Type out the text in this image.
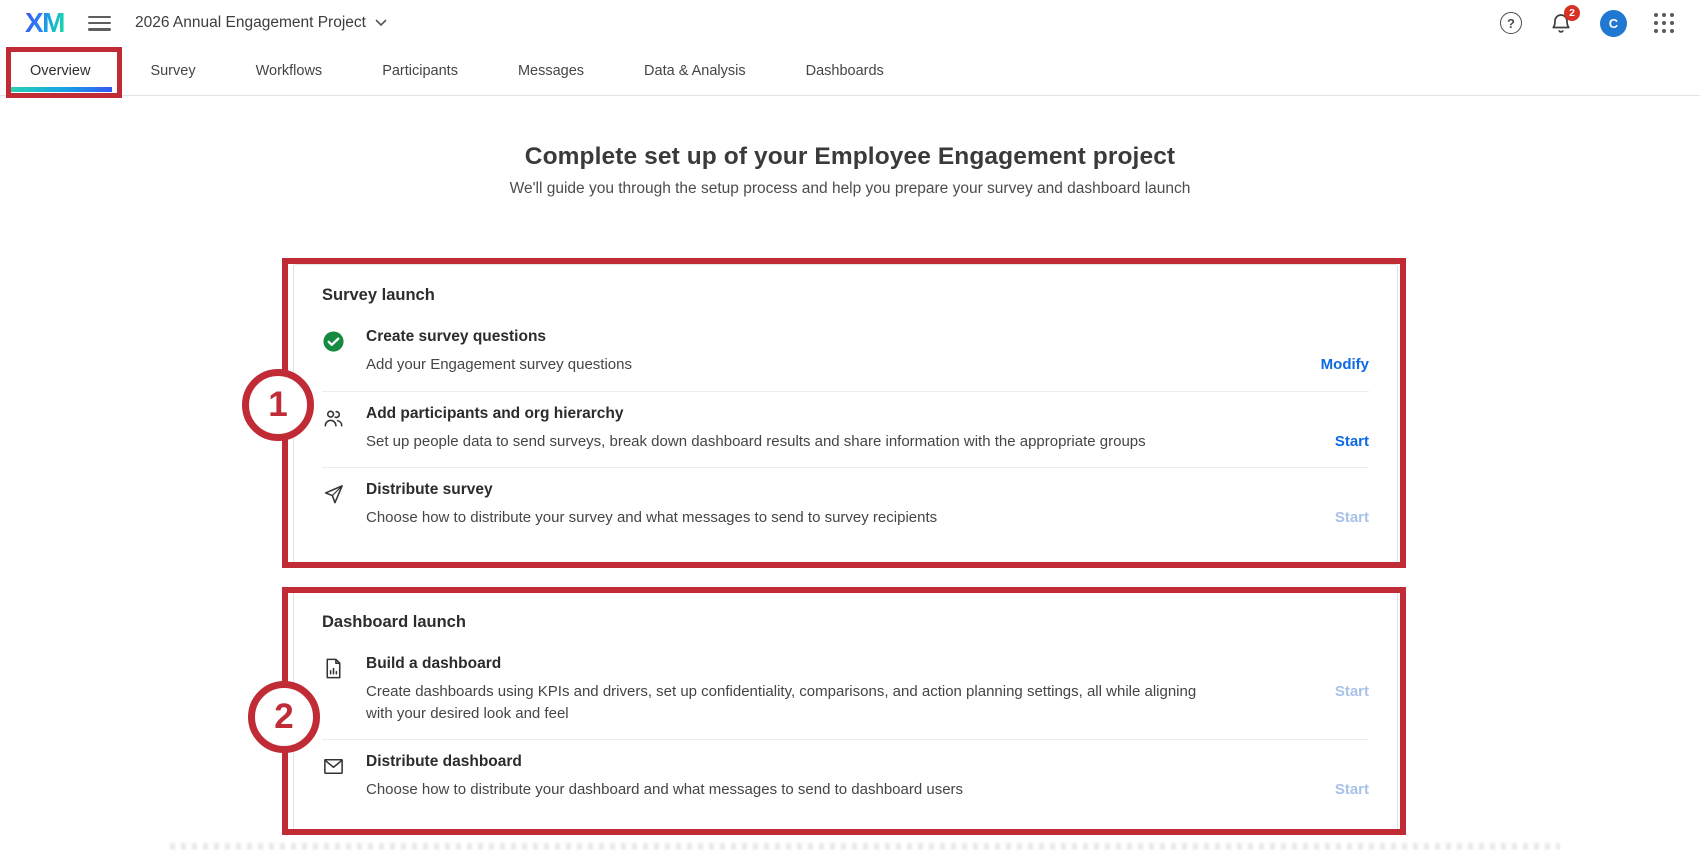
XM	2026 Annual Engagement Project	?
2
C
Overview	Survey	Workflows	Participants	Messages	Data & Analysis	Dashboards
Complete set up of your Employee Engagement project

We'll guide you through the setup process and help you prepare your survey and dashboard launch

Survey launch
Create survey questions
Add your Engagement survey questions	Modify
Add participants and org hierarchy
Set up people data to send surveys, break down dashboard results and share information with the appropriate groups	Start
Distribute survey
Choose how to distribute your survey and what messages to send to survey recipients	Start
Dashboard launch
Build a dashboard
Create dashboards using KPIs and drivers, set up confidentiality, comparisons, and action planning settings, all while aligning with your desired look and feel
Start
Distribute dashboard
Choose how to distribute your dashboard and what messages to send to dashboard users	Start
1
2
